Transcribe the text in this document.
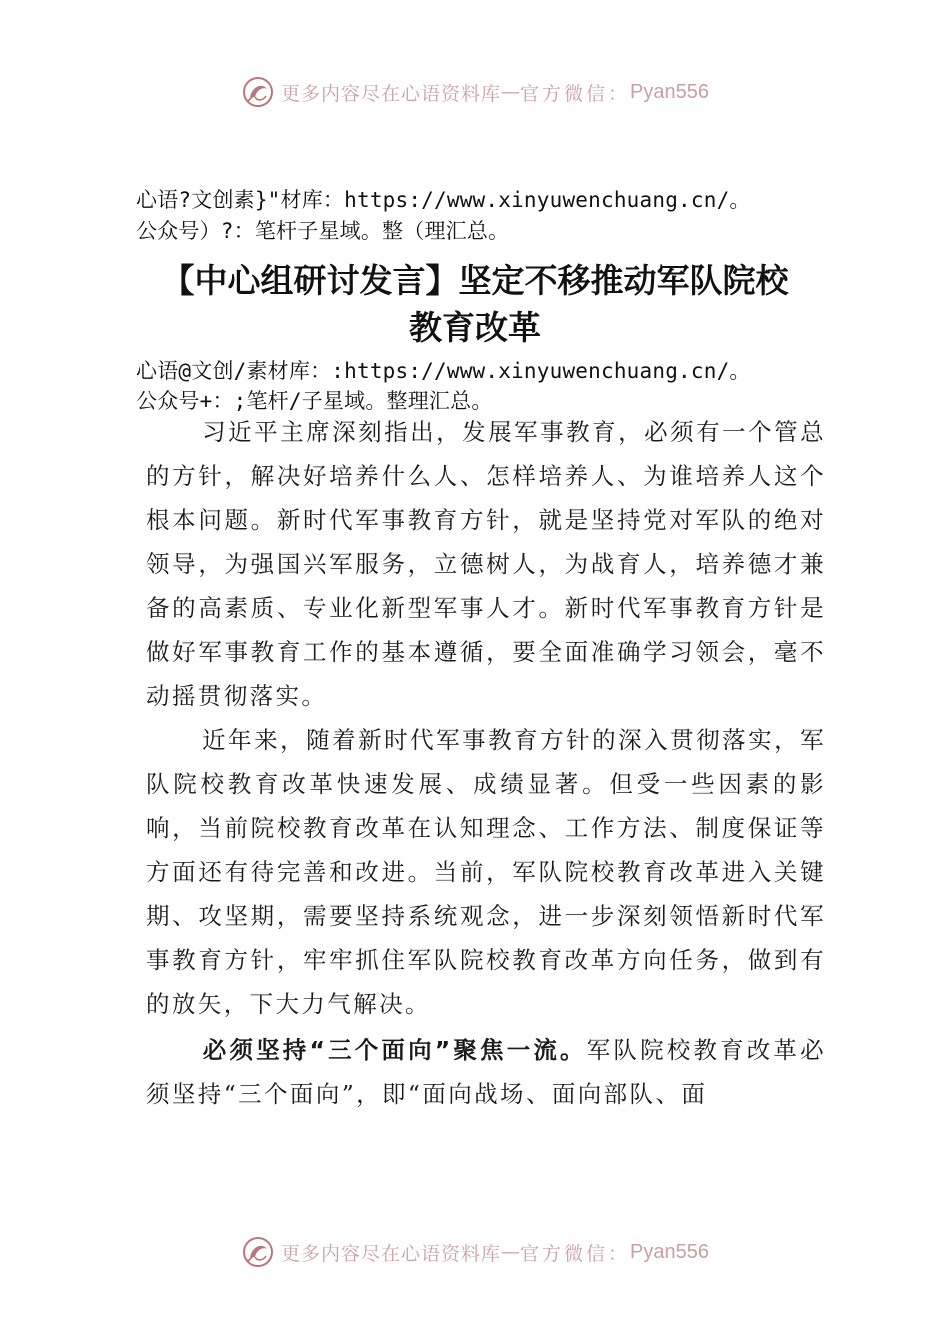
更多内容尽在心语资料库 — 官方微信： Pyan556
心语?文创素}"材库：https://www.xinyuwenchuang.cn/。
公众号）?：笔杆子星域。整（理汇总。
【中心组研讨发言】坚定不移推动军队院校
教育改革
心语@文创/素材库：:https://www.xinyuwenchuang.cn/。
公众号+：;笔杆/子星域。整理汇总。

习近平主席深刻指出，发展军事教育，必须有一个管总的方针，解决好培养什么人、怎样培养人、为谁培养人这个根本问题。新时代军事教育方针，就是坚持党对军队的绝对领导，为强国兴军服务，立德树人，为战育人，培养德才兼备的高素质、专业化新型军事人才。新时代军事教育方针是做好军事教育工作的基本遵循，要全面准确学习领会，毫不动摇贯彻落实。

近年来，随着新时代军事教育方针的深入贯彻落实，军队院校教育改革快速发展、成绩显著。但受一些因素的影响，当前院校教育改革在认知理念、工作方法、制度保证等方面还有待完善和改进。当前，军队院校教育改革进入关键期、攻坚期，需要坚持系统观念，进一步深刻领悟新时代军事教育方针，牢牢抓住军队院校教育改革方向任务，做到有的放矢，下大力气解决。

必须坚持“三个面向”聚焦一流。军队院校教育改革必须坚持“三个面向”，即“面向战场、面向部队、面

更多内容尽在心语资料库 — 官方微信： Pyan556
